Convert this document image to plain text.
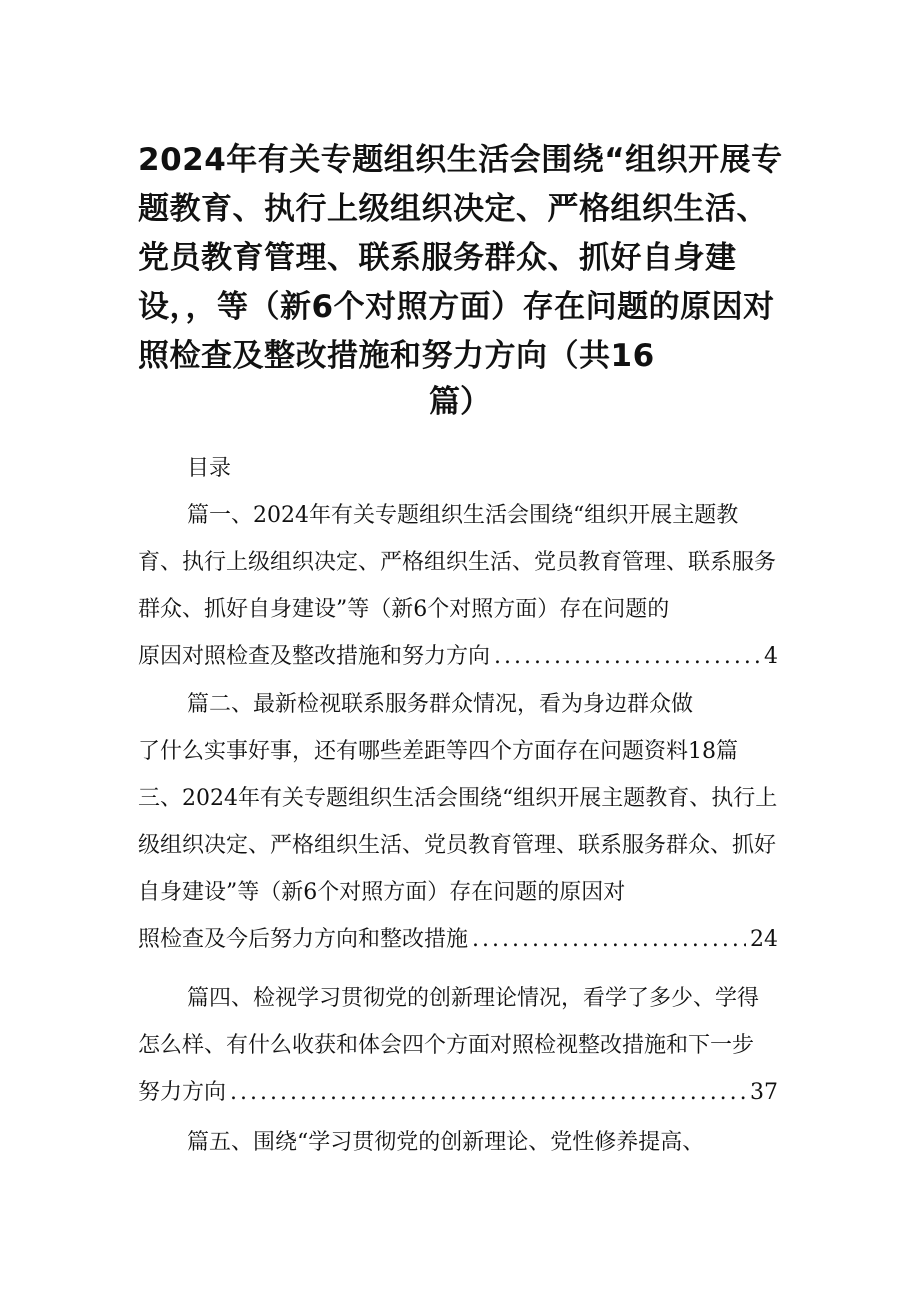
2024年有关专题组织生活会围绕“组织开展专题教育、执行上级组织决定、严格组织生活、党员教育管理、联系服务群众、抓好自身建设，，等（新6个对照方面）存在问题的原因对照检查及整改措施和努力方向（共16
篇）
目录

篇一、2024年有关专题组织生活会围绕“组织开展主题教育、执行上级组织决定、严格组织生活、党员教育管理、联系服务群众、抓好自身建设”等（新6个对照方面）存在问题的

原因对照检查及整改措施和努力方向 .....	4

篇二、最新检视联系服务群众情况，看为身边群众做

了什么实事好事，还有哪些差距等四个方面存在问题资料18篇

三、2024年有关专题组织生活会围绕“组织开展主题教育、执行上级组织决定、严格组织生活、党员教育管理、联系服务群众、抓好自身建设”等（新6个对照方面）存在问题的原因对

照检查及今后努力方向和整改措施 .....	24

篇四、检视学习贯彻党的创新理论情况，看学了多少、学得怎么样、有什么收获和体会四个方面对照检视整改措施和下一步

努力方向 .....	37

篇五、围绕“学习贯彻党的创新理论、党性修养提高、
